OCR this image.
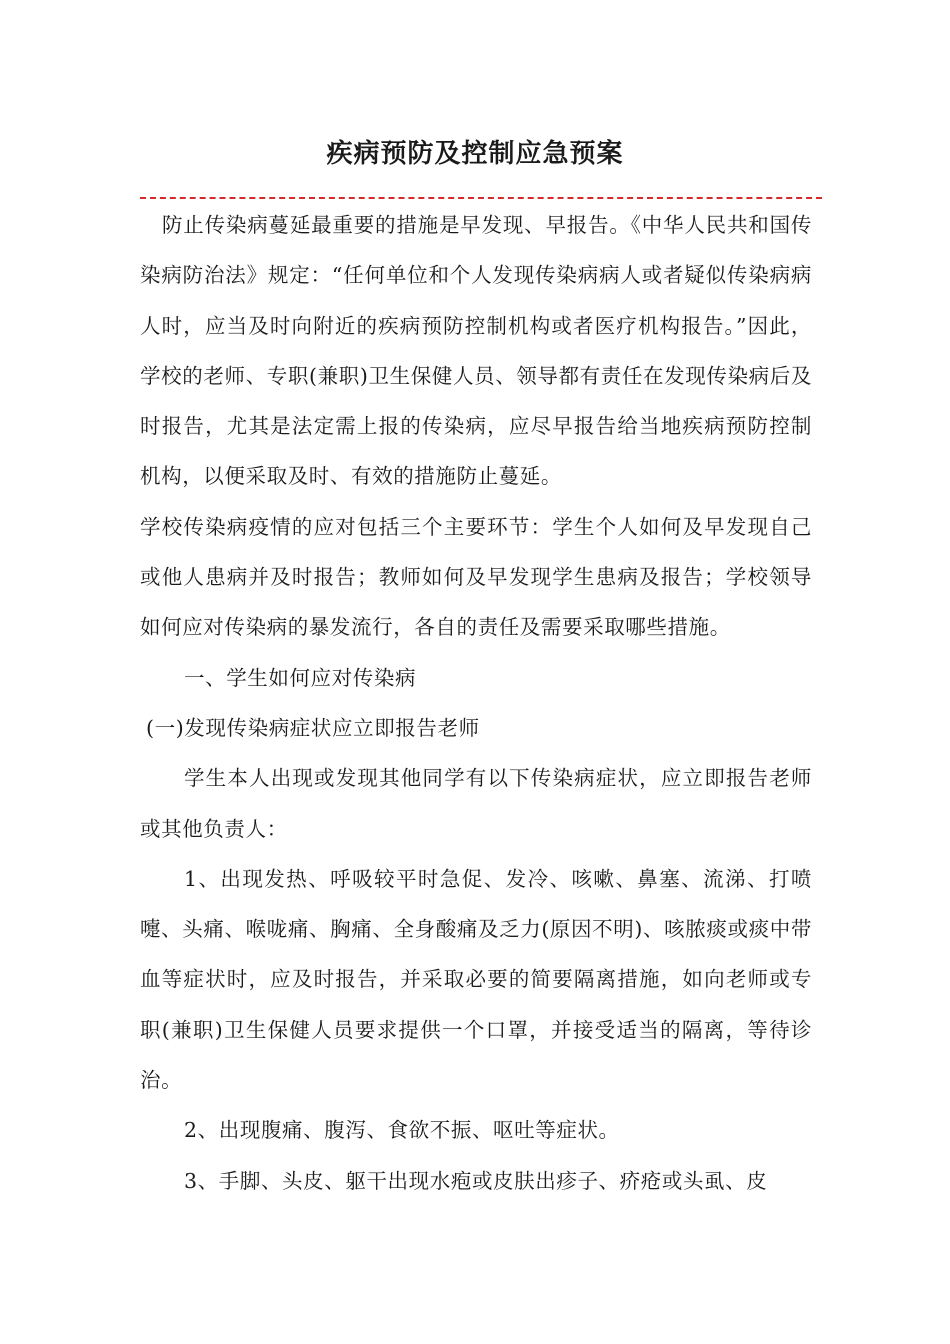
疾病预防及控制应急预案

防止传染病蔓延最重要的措施是早发现、早报告。《中华人民共和国传染病防治法》规定：“任何单位和个人发现传染病病人或者疑似传染病病人时，应当及时向附近的疾病预防控制机构或者医疗机构报告。”因此，学校的老师、专职(兼职)卫生保健人员、领导都有责任在发现传染病后及时报告，尤其是法定需上报的传染病，应尽早报告给当地疾病预防控制机构，以便采取及时、有效的措施防止蔓延。

学校传染病疫情的应对包括三个主要环节：学生个人如何及早发现自己或他人患病并及时报告；教师如何及早发现学生患病及报告；学校领导如何应对传染病的暴发流行，各自的责任及需要采取哪些措施。

一、学生如何应对传染病

(一)发现传染病症状应立即报告老师

学生本人出现或发现其他同学有以下传染病症状，应立即报告老师或其他负责人：

1、出现发热、呼吸较平时急促、发冷、咳嗽、鼻塞、流涕、打喷嚏、头痛、喉咙痛、胸痛、全身酸痛及乏力(原因不明)、咳脓痰或痰中带血等症状时，应及时报告，并采取必要的简要隔离措施，如向老师或专职(兼职)卫生保健人员要求提供一个口罩，并接受适当的隔离，等待诊治。

2、出现腹痛、腹泻、食欲不振、呕吐等症状。

3、手脚、头皮、躯干出现水疱或皮肤出疹子、疥疮或头虱、皮
